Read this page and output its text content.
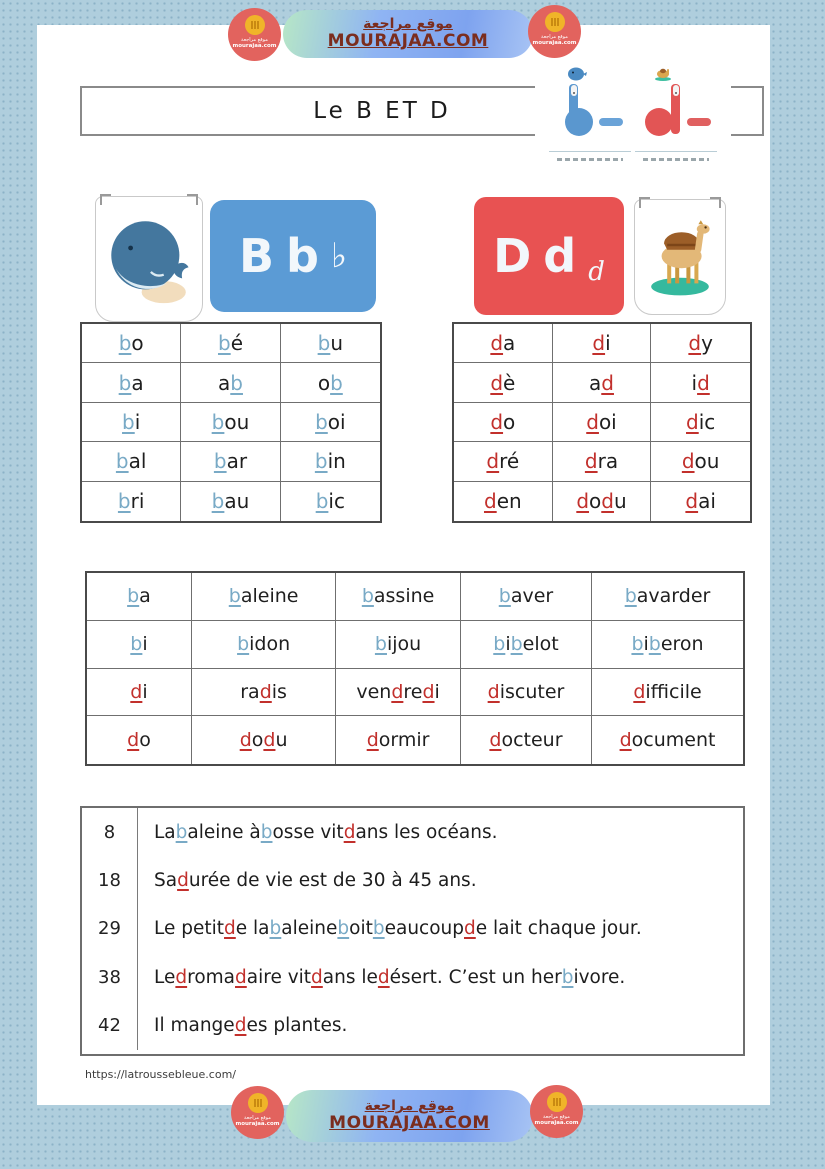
موقع مراجعة
mourajaa.com
موقع مراجعة
MOURAJAA.COM	موقع مراجعة
mourajaa.com
Le B ET D
B b ♭	D d d
b o	b é	b u
b a	a b	o b
b i	b ou	b oi
b al	b ar	b in
b ri	b au	b ic
d a	d i	d y
d è	a d	i d
d o	d oi	d ic
d ré	d ra	d ou
d en	d o d u	d ai
b a	b aleine	b assine	b aver	b avarder
b i	b idon	b ijou	b i b elot	b i b eron
d i	ra d is	ven d re d i	d iscuter	d ifficile
d o	d o d u	d ormir	d octeur	d ocument
8	La b aleine à b osse vit d ans les océans.
18	Sa d urée de vie est de 30 à 45 ans.
29	Le petit d e la b aleine b oit b eaucoup d e lait chaque jour.
38	Le d roma d aire vit d ans le d ésert. C’est un her b ivore.
42	Il mange d es plantes.
https://latroussebleue.com/
موقع مراجعة
mourajaa.com
موقع مراجعة
MOURAJAA.COM	موقع مراجعة
mourajaa.com
